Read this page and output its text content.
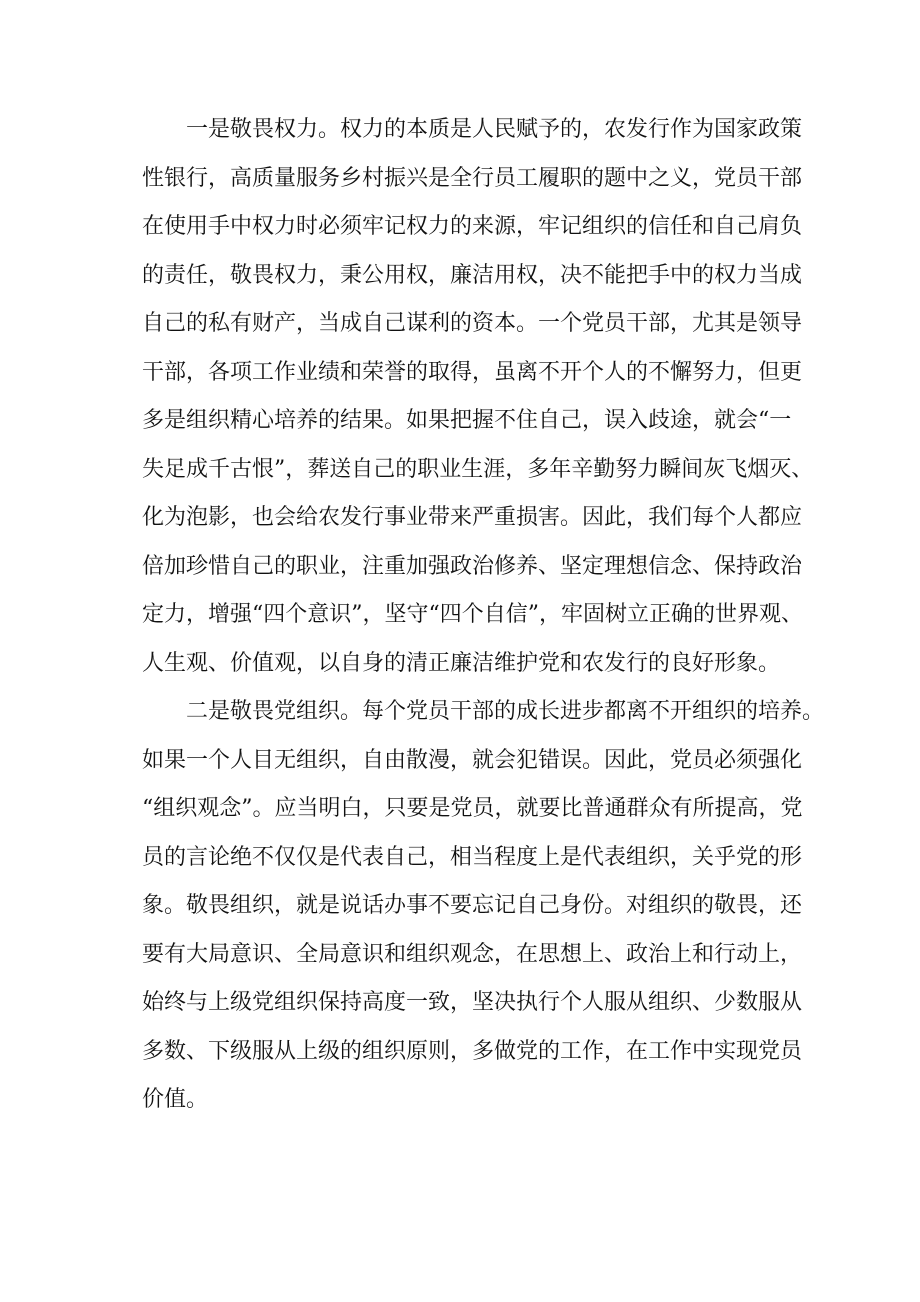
一是敬畏权力。权力的本质是人民赋予的，农发行作为国家政策
性银行，高质量服务乡村振兴是全行员工履职的题中之义，党员干部
在使用手中权力时必须牢记权力的来源，牢记组织的信任和自己肩负
的责任，敬畏权力，秉公用权，廉洁用权，决不能把手中的权力当成
自己的私有财产，当成自己谋利的资本。一个党员干部，尤其是领导
干部，各项工作业绩和荣誉的取得，虽离不开个人的不懈努力，但更
多是组织精心培养的结果。如果把握不住自己，误入歧途，就会“一
失足成千古恨”，葬送自己的职业生涯，多年辛勤努力瞬间灰飞烟灭、
化为泡影，也会给农发行事业带来严重损害。因此，我们每个人都应
倍加珍惜自己的职业，注重加强政治修养、坚定理想信念、保持政治
定力，增强“四个意识”，坚守“四个自信”，牢固树立正确的世界观、
人生观、价值观，以自身的清正廉洁维护党和农发行的良好形象。
二是敬畏党组织。每个党员干部的成长进步都离不开组织的培养。
如果一个人目无组织，自由散漫，就会犯错误。因此，党员必须强化
“组织观念”。应当明白，只要是党员，就要比普通群众有所提高，党
员的言论绝不仅仅是代表自己，相当程度上是代表组织，关乎党的形
象。敬畏组织，就是说话办事不要忘记自己身份。对组织的敬畏，还
要有大局意识、全局意识和组织观念，在思想上、政治上和行动上，
始终与上级党组织保持高度一致，坚决执行个人服从组织、少数服从
多数、下级服从上级的组织原则，多做党的工作，在工作中实现党员
价值。
